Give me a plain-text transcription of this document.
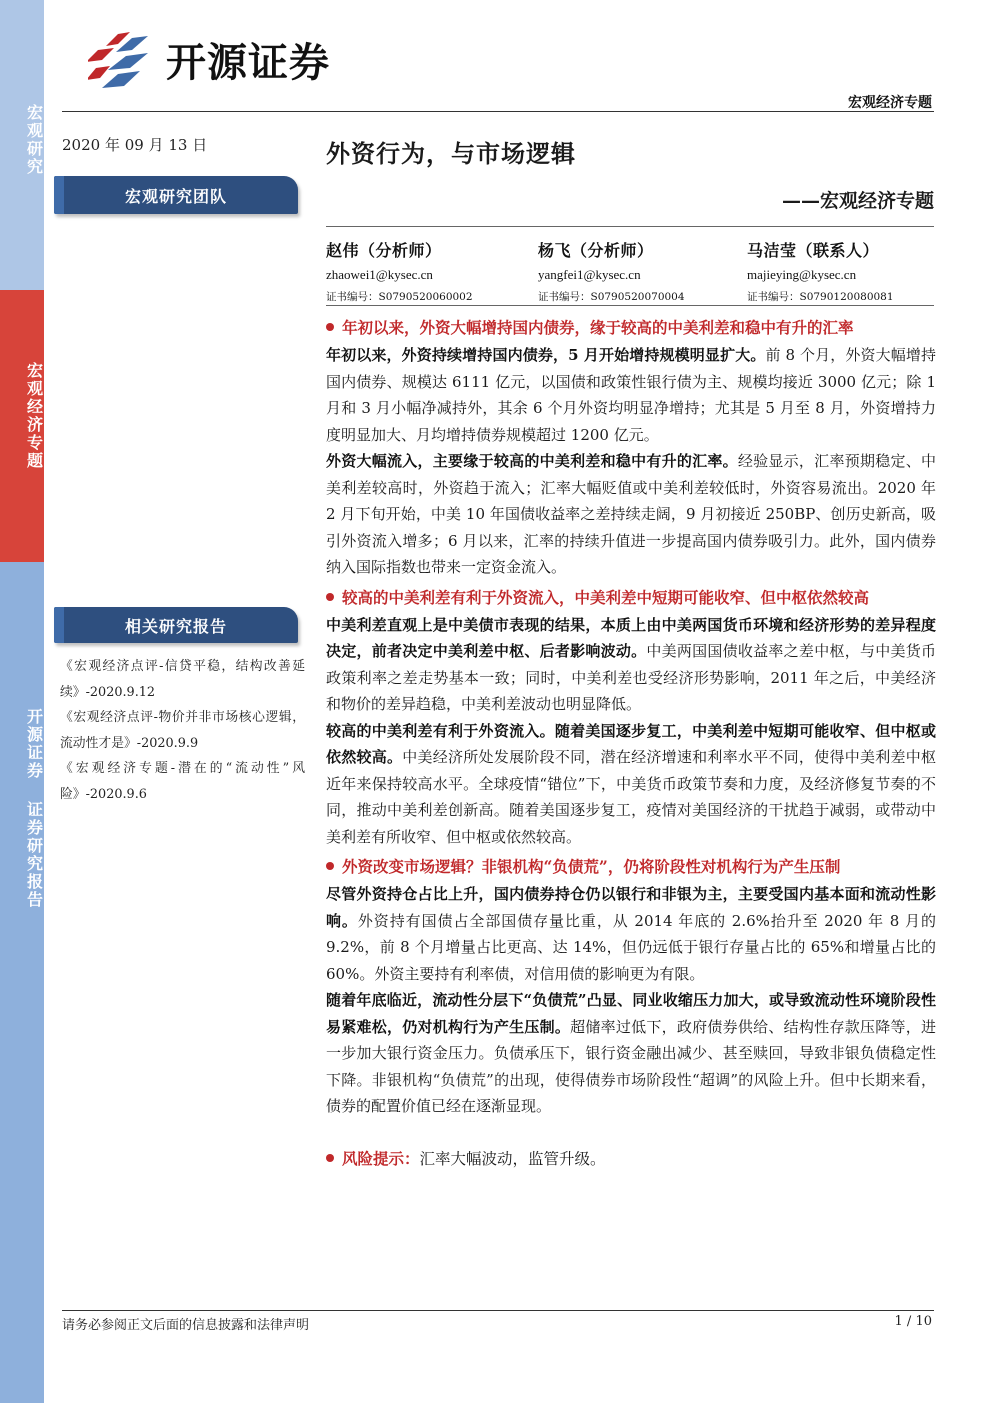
宏观研究
宏观经济专题
开源证券 证券研究报告
开源证券
宏观经济专题
2020 年 09 月 13 日	外资行为，与市场逻辑
——宏观经济专题
宏观研究团队
赵伟（分析师）
zhaowei1@kysec.cn
证书编号：S0790520060002
杨飞（分析师）
yangfei1@kysec.cn
证书编号：S0790520070004
马洁莹（联系人）
majieying@kysec.cn
证书编号：S0790120080081
年初以来，外资大幅增持国内债券，缘于较高的中美利差和稳中有升的汇率

年初以来，外资持续增持国内债券，5 月开始增持规模明显扩大。前 8 个月，外资大幅增持国内债券、规模达 6111 亿元，以国债和政策性银行债为主、规模均接近 3000 亿元；除 1 月和 3 月小幅净减持外，其余 6 个月外资均明显净增持；尤其是 5 月至 8 月，外资增持力度明显加大、月均增持债券规模超过 1200 亿元。

外资大幅流入，主要缘于较高的中美利差和稳中有升的汇率。经验显示，汇率预期稳定、中美利差较高时，外资趋于流入；汇率大幅贬值或中美利差较低时，外资容易流出。2020 年 2 月下旬开始，中美 10 年国债收益率之差持续走阔，9 月初接近 250BP、创历史新高，吸引外资流入增多；6 月以来，汇率的持续升值进一步提高国内债券吸引力。此外，国内债券纳入国际指数也带来一定资金流入。

较高的中美利差有利于外资流入，中美利差中短期可能收窄、但中枢依然较高

中美利差直观上是中美债市表现的结果，本质上由中美两国货币环境和经济形势的差异程度决定，前者决定中美利差中枢、后者影响波动。中美两国国债收益率之差中枢，与中美货币政策利率之差走势基本一致；同时，中美利差也受经济形势影响，2011 年之后，中美经济和物价的差异趋稳，中美利差波动也明显降低。

较高的中美利差有利于外资流入。随着美国逐步复工，中美利差中短期可能收窄、但中枢或依然较高。中美经济所处发展阶段不同，潜在经济增速和利率水平不同，使得中美利差中枢近年来保持较高水平。全球疫情“错位”下，中美货币政策节奏和力度，及经济修复节奏的不同，推动中美利差创新高。随着美国逐步复工，疫情对美国经济的干扰趋于减弱，或带动中美利差有所收窄、但中枢或依然较高。

外资改变市场逻辑？非银机构“负债荒”，仍将阶段性对机构行为产生压制

尽管外资持仓占比上升，国内债券持仓仍以银行和非银为主，主要受国内基本面和流动性影响。外资持有国债占全部国债存量比重，从 2014 年底的 2.6%抬升至 2020 年 8 月的 9.2%，前 8 个月增量占比更高、达 14%，但仍远低于银行存量占比的 65%和增量占比的 60%。外资主要持有利率债，对信用债的影响更为有限。

随着年底临近，流动性分层下“负债荒”凸显、同业收缩压力加大，或导致流动性环境阶段性易紧难松，仍对机构行为产生压制。超储率过低下，政府债券供给、结构性存款压降等，进一步加大银行资金压力。负债承压下，银行资金融出减少、甚至赎回，导致非银负债稳定性下降。非银机构“负债荒”的出现，使得债券市场阶段性“超调”的风险上升。但中长期来看，债券的配置价值已经在逐渐显现。

风险提示：汇率大幅波动，监管升级。
相关研究报告
《宏观经济点评-信贷平稳，结构改善延续》-2020.9.12
《宏观经济点评-物价并非市场核心逻辑，流动性才是》-2020.9.9
《宏观经济专题-潜在的“流动性”风险》-2020.9.6
请务必参阅正文后面的信息披露和法律声明	1 / 10
